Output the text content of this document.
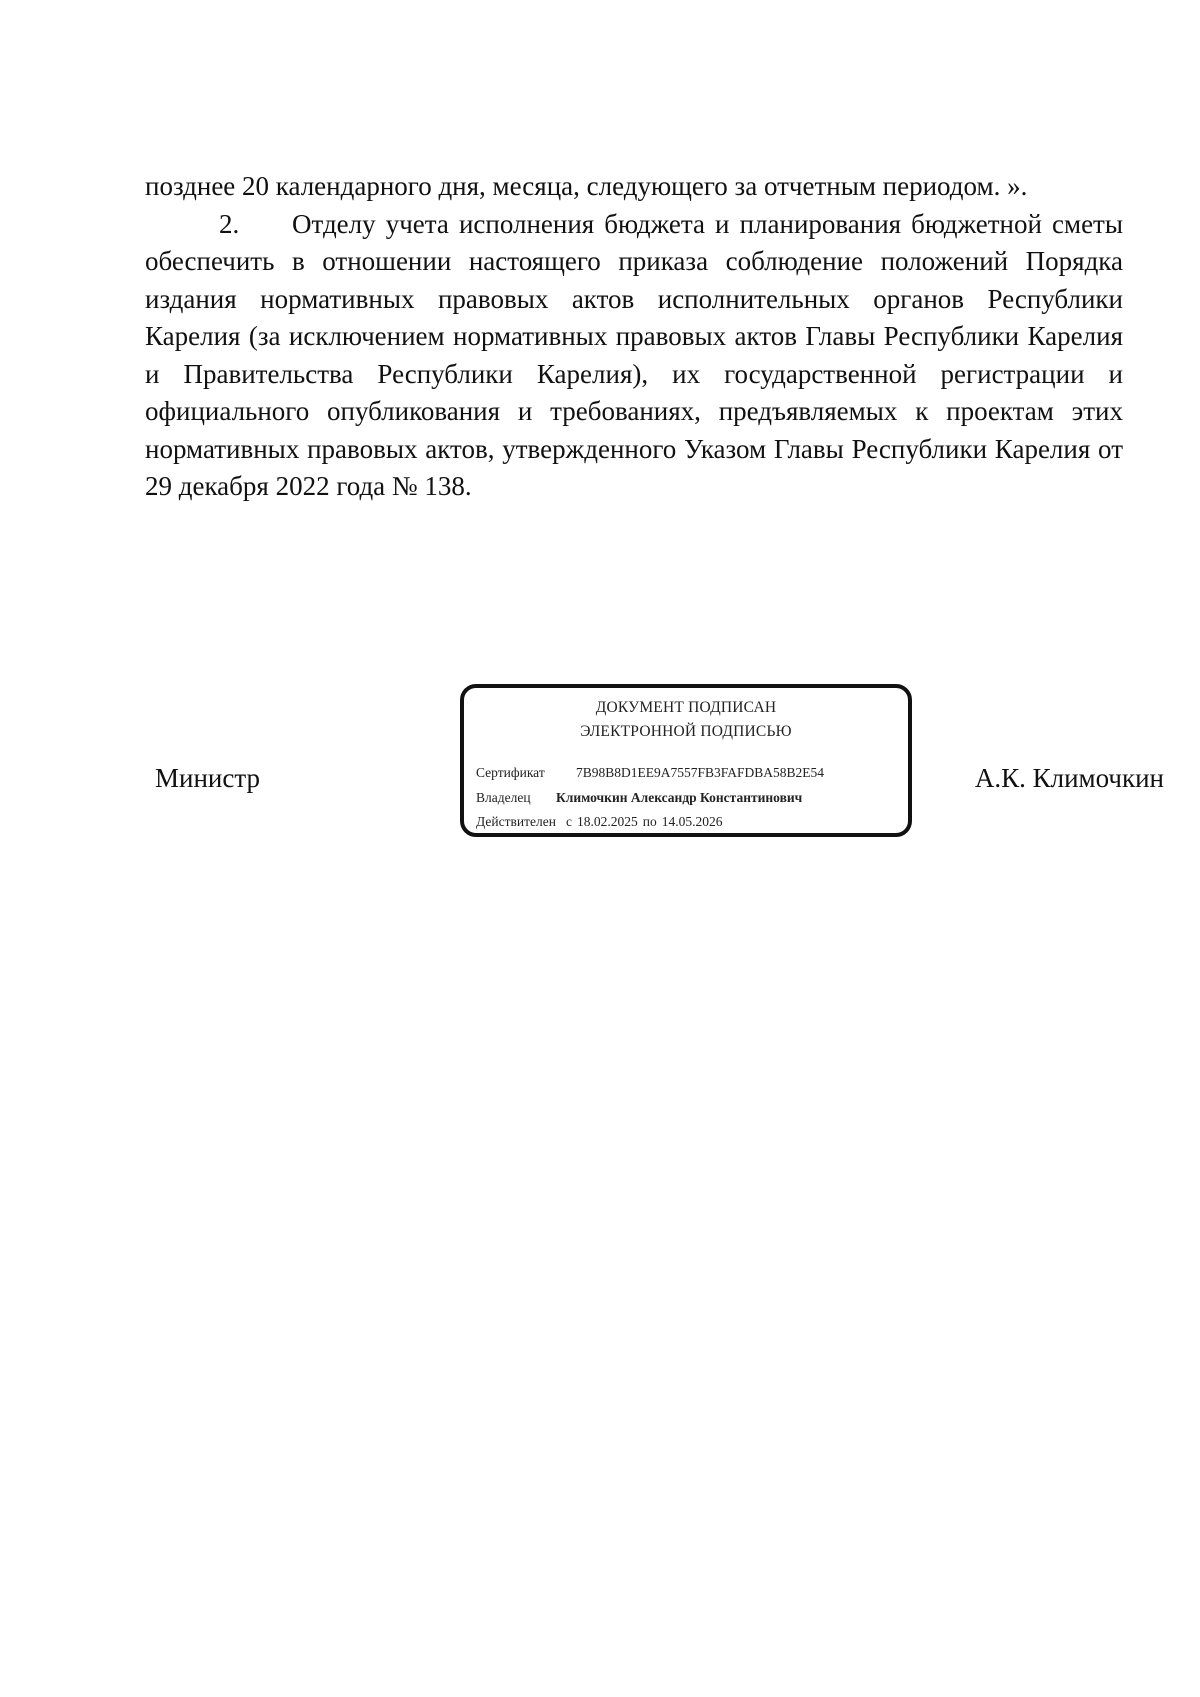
позднее 20 календарного дня, месяца, следующего за отчетным периодом. ».

2. Отделу учета исполнения бюджета и планирования бюджетной сметы обеспечить в отношении настоящего приказа соблюдение положений Порядка издания нормативных правовых актов исполнительных органов Республики Карелия (за исключением нормативных правовых актов Главы Республики Карелия и Правительства Республики Карелия), их государственной регистрации и официального опубликования и требованиях, предъявляемых к проектам этих нормативных правовых актов, утвержденного Указом Главы Республики Карелия от 29 декабря 2022 года № 138.

Министр
ДОКУМЕНТ ПОДПИСАН
ЭЛЕКТРОННОЙ ПОДПИСЬЮ
Сертификат 7B98B8D1EE9A7557FB3FAFDBA58B2E54
Владелец Климочкин Александр Константинович
Действителен с 18.02.2025 по 14.05.2026
А.К. Климочкин
